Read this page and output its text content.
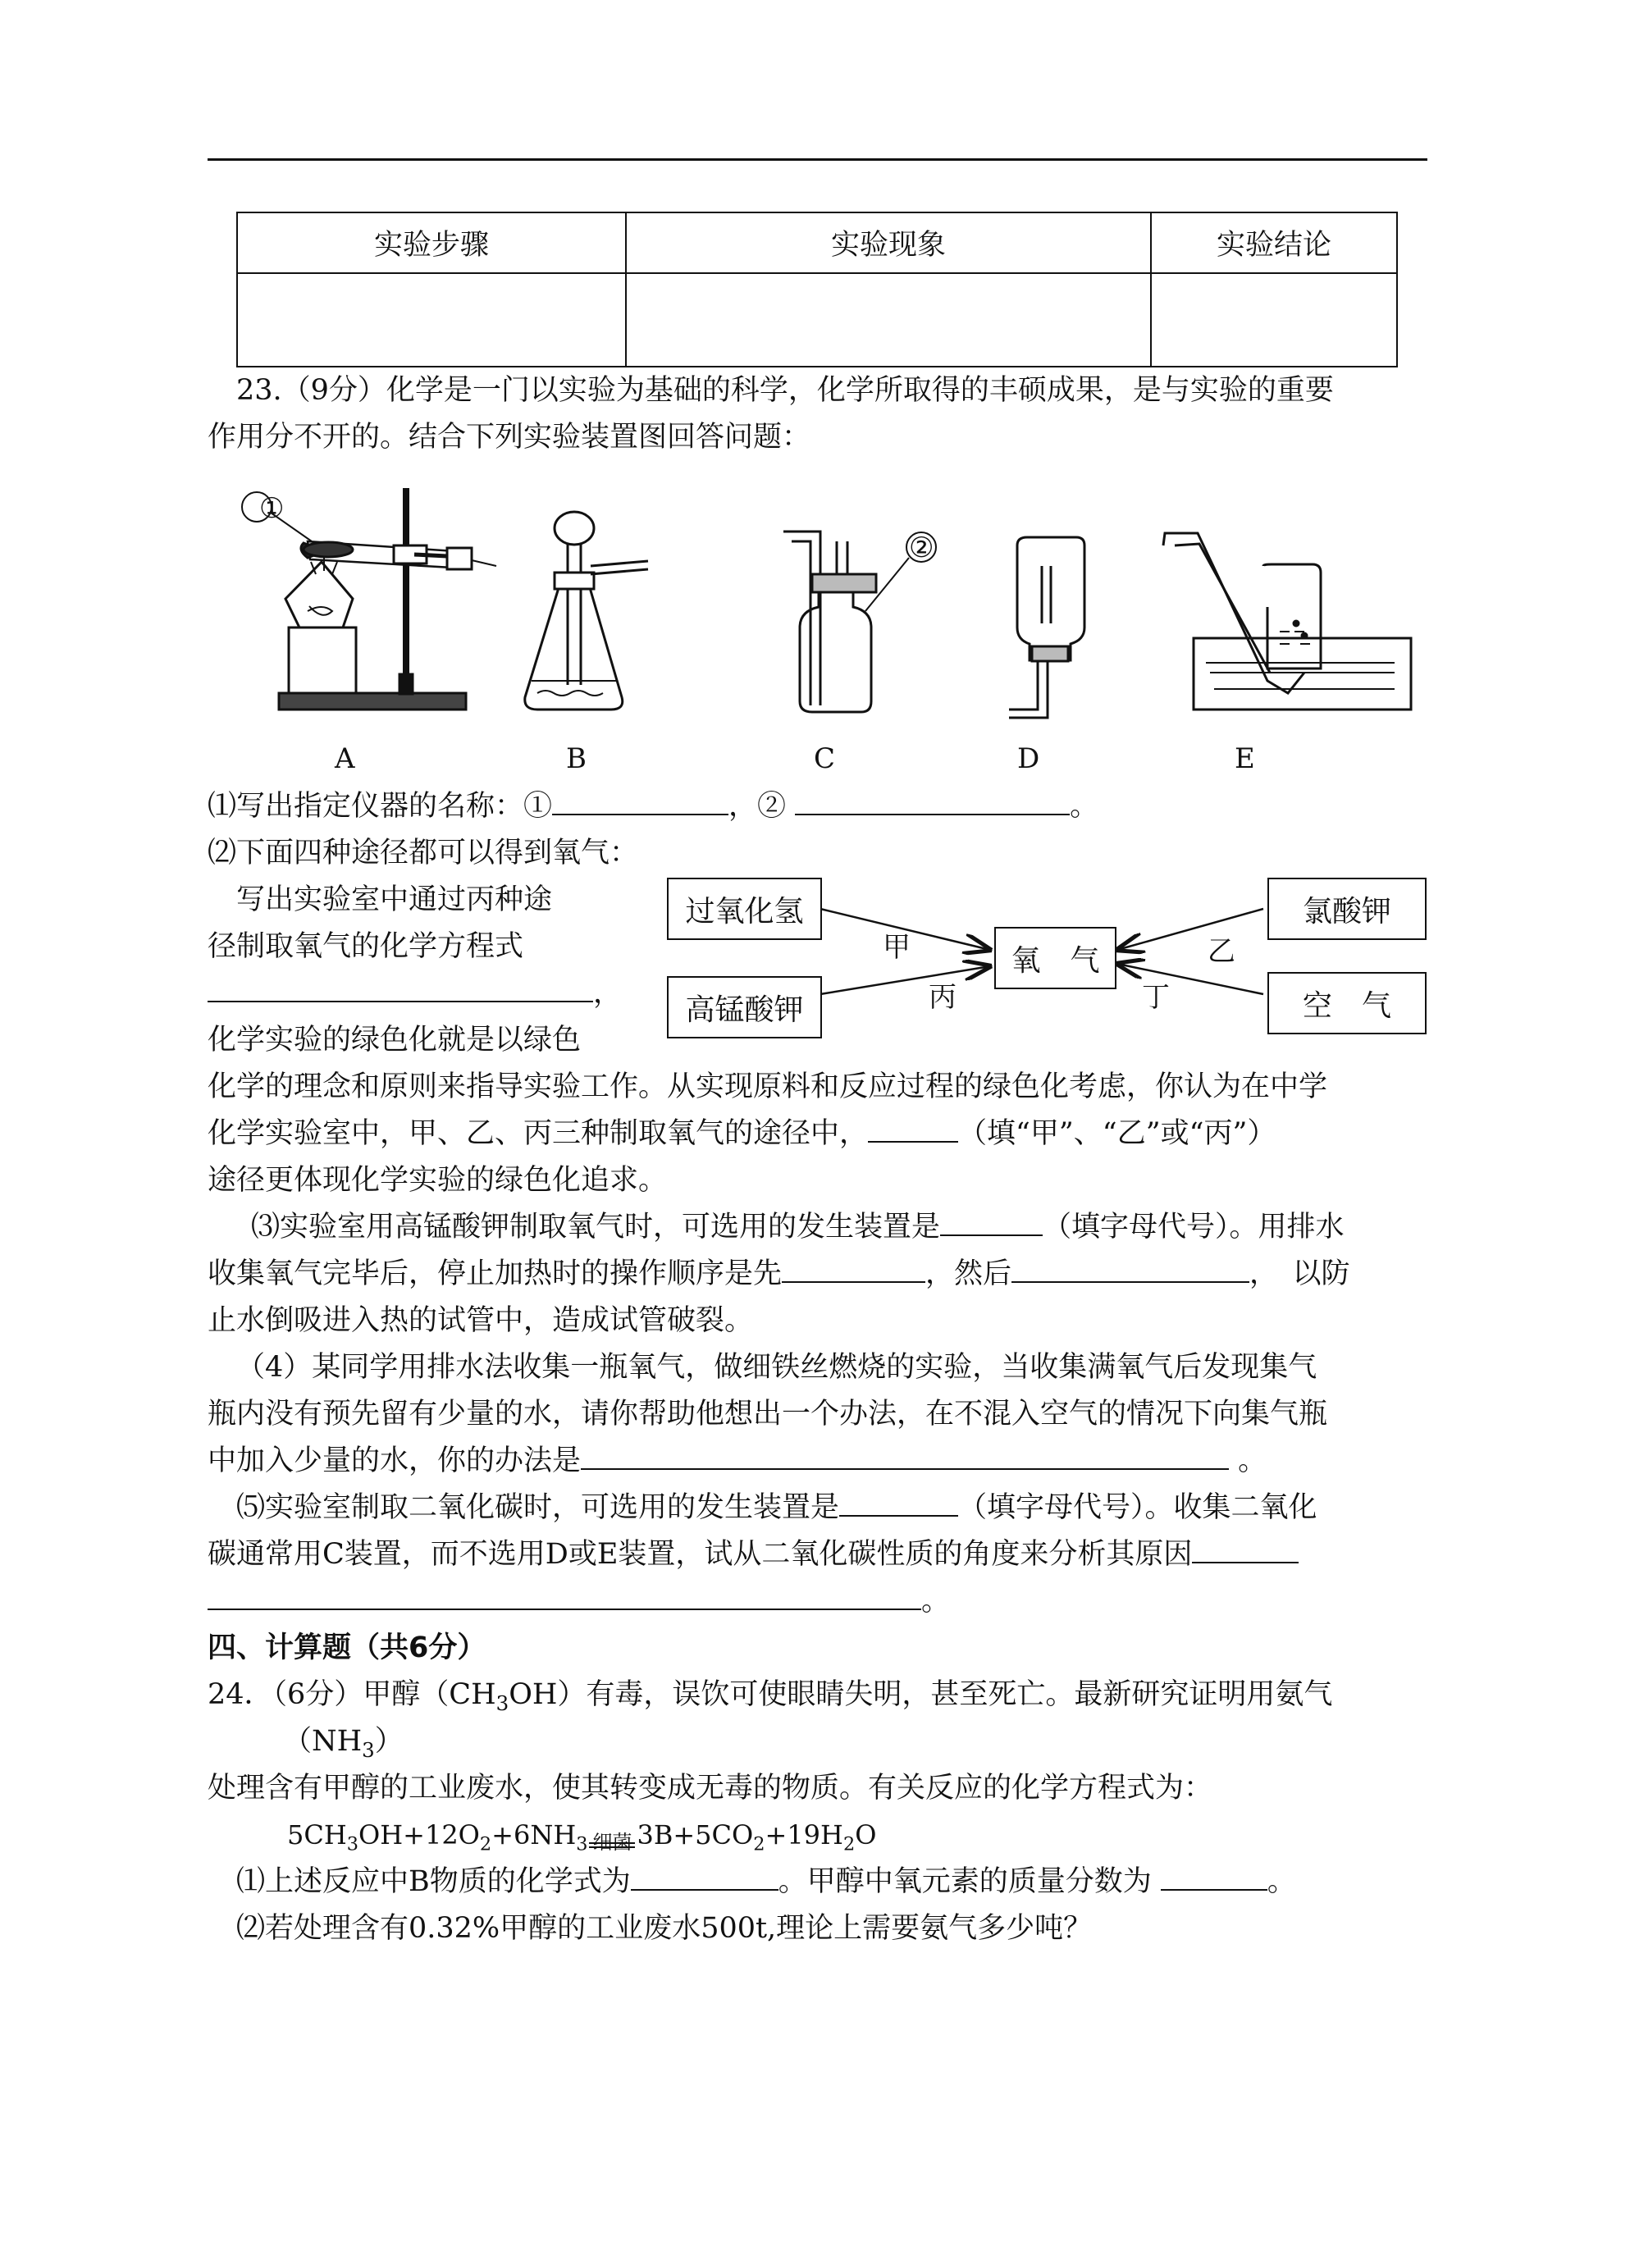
实验步骤	实验现象	实验结论

23.（9分）化学是一门以实验为基础的科学，化学所取得的丰硕成果，是与实验的重要
作用分不开的。结合下列实验装置图回答问题：
①
②
A	B	C	D	E
⑴写出指定仪器的名称：①	，②	。
⑵下面四种途径都可以得到氧气：
写出实验室中通过丙种途
径制取氧气的化学方程式
，
化学实验的绿色化就是以绿色
过氧化氢
高锰酸钾
氧　气
氯酸钾
空　气
甲
丙
乙
丁
化学的理念和原则来指导实验工作。从实现原料和反应过程的绿色化考虑，你认为在中学
化学实验室中，甲、乙、丙三种制取氧气的途径中，	（填“甲”、“乙”或“丙”）
途径更体现化学实验的绿色化追求。
⑶实验室用高锰酸钾制取氧气时，可选用的发生装置是	（填字母代号）。用排水
收集氧气完毕后，停止加热时的操作顺序是先	，然后	，　以防
止水倒吸进入热的试管中，造成试管破裂。
（4）某同学用排水法收集一瓶氧气，做细铁丝燃烧的实验，当收集满氧气后发现集气
瓶内没有预先留有少量的水，请你帮助他想出一个办法，在不混入空气的情况下向集气瓶
中加入少量的水，你的办法是	。
⑸实验室制取二氧化碳时，可选用的发生装置是	（填字母代号）。收集二氧化
碳通常用C装置，而不选用D或E装置，试从二氧化碳性质的角度来分析其原因
。
四、计算题（共6分）
24．（6分）甲醇$(CH_3OH)$有毒，误饮可使眼睛失明，甚至死亡。最新研究证明用氨气
$(NH_3)$
处理含有甲醇的工业废水，使其转变成无毒的物质。有关反应的化学方程式为：
$5CH_3OH+12O_2+6NH_3$ 细菌 $3B+5CO_2+19H_2O$
⑴上述反应中B物质的化学式为	。甲醇中氧元素的质量分数为	。
⑵若处理含有0.32%甲醇的工业废水500t,理论上需要氨气多少吨？
